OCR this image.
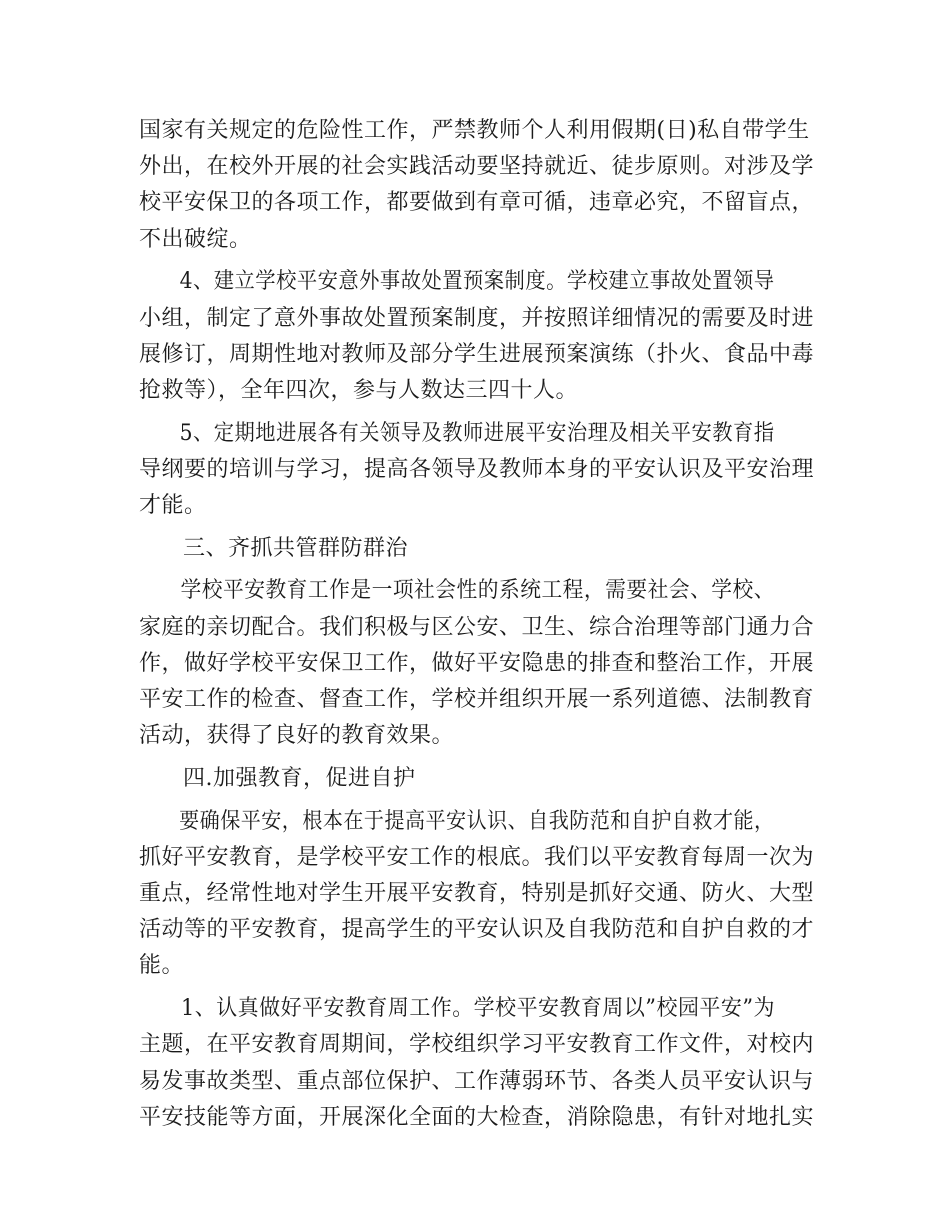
国家有关规定的危险性工作，严禁教师个人利用假期(日)私自带学生
外出，在校外开展的社会实践活动要坚持就近、徒步原则。对涉及学
校平安保卫的各项工作，都要做到有章可循，违章必究，不留盲点，
不出破绽。

4、建立学校平安意外事故处置预案制度。学校建立事故处置领导
小组，制定了意外事故处置预案制度，并按照详细情况的需要及时进
展修订，周期性地对教师及部分学生进展预案演练（扑火、食品中毒
抢救等），全年四次，参与人数达三四十人。

5、定期地进展各有关领导及教师进展平安治理及相关平安教育指
导纲要的培训与学习，提高各领导及教师本身的平安认识及平安治理
才能。

三、齐抓共管群防群治

学校平安教育工作是一项社会性的系统工程，需要社会、学校、
家庭的亲切配合。我们积极与区公安、卫生、综合治理等部门通力合
作，做好学校平安保卫工作，做好平安隐患的排查和整治工作，开展
平安工作的检查、督查工作，学校并组织开展一系列道德、法制教育
活动，获得了良好的教育效果。

四.加强教育，促进自护

要确保平安，根本在于提高平安认识、自我防范和自护自救才能，
抓好平安教育，是学校平安工作的根底。我们以平安教育每周一次为
重点，经常性地对学生开展平安教育，特别是抓好交通、防火、大型
活动等的平安教育，提高学生的平安认识及自我防范和自护自救的才
能。

1、认真做好平安教育周工作。学校平安教育周以”校园平安”为
主题，在平安教育周期间，学校组织学习平安教育工作文件，对校内
易发事故类型、重点部位保护、工作薄弱环节、各类人员平安认识与
平安技能等方面，开展深化全面的大检查，消除隐患，有针对地扎实
